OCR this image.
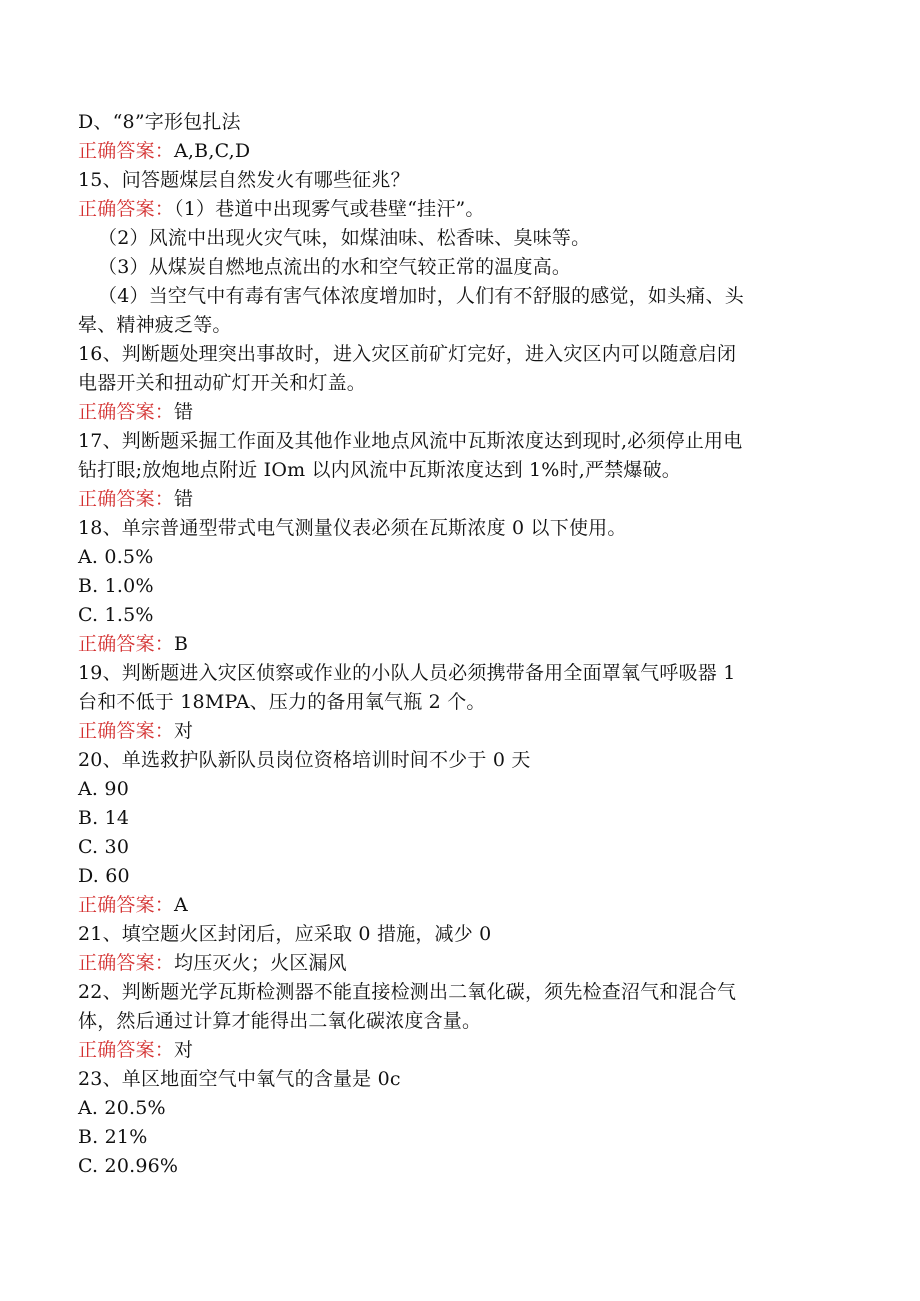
D、“8”字形包扎法
正确答案：A,B,C,D
15、问答题煤层自然发火有哪些征兆？
正确答案：（1）巷道中出现雾气或巷壁“挂汗”。
（2）风流中出现火灾气味，如煤油味、松香味、臭味等。
（3）从煤炭自燃地点流出的水和空气较正常的温度高。
（4）当空气中有毒有害气体浓度增加时，人们有不舒服的感觉，如头痛、头
晕、精神疲乏等。
16、判断题处理突出事故时，进入灾区前矿灯完好，进入灾区内可以随意启闭
电器开关和扭动矿灯开关和灯盖。
正确答案：错
17、判断题采掘工作面及其他作业地点风流中瓦斯浓度达到现时,必须停止用电
钻打眼;放炮地点附近 IOm 以内风流中瓦斯浓度达到 1%时,严禁爆破。
正确答案：错
18、单宗普通型带式电气测量仪表必须在瓦斯浓度 0 以下使用。
A. 0.5%
B. 1.0%
C. 1.5%
正确答案：B
19、判断题进入灾区侦察或作业的小队人员必须携带备用全面罩氧气呼吸器 1
台和不低于 18MPA、压力的备用氧气瓶 2 个。
正确答案：对
20、单选救护队新队员岗位资格培训时间不少于 0 天
A. 90
B. 14
C. 30
D. 60
正确答案：A
21、填空题火区封闭后，应采取 0 措施，减少 0
正确答案：均压灭火；火区漏风
22、判断题光学瓦斯检测器不能直接检测出二氧化碳，须先检查沼气和混合气
体，然后通过计算才能得出二氧化碳浓度含量。
正确答案：对
23、单区地面空气中氧气的含量是 0c
A. 20.5%
B. 21%
C. 20.96%
